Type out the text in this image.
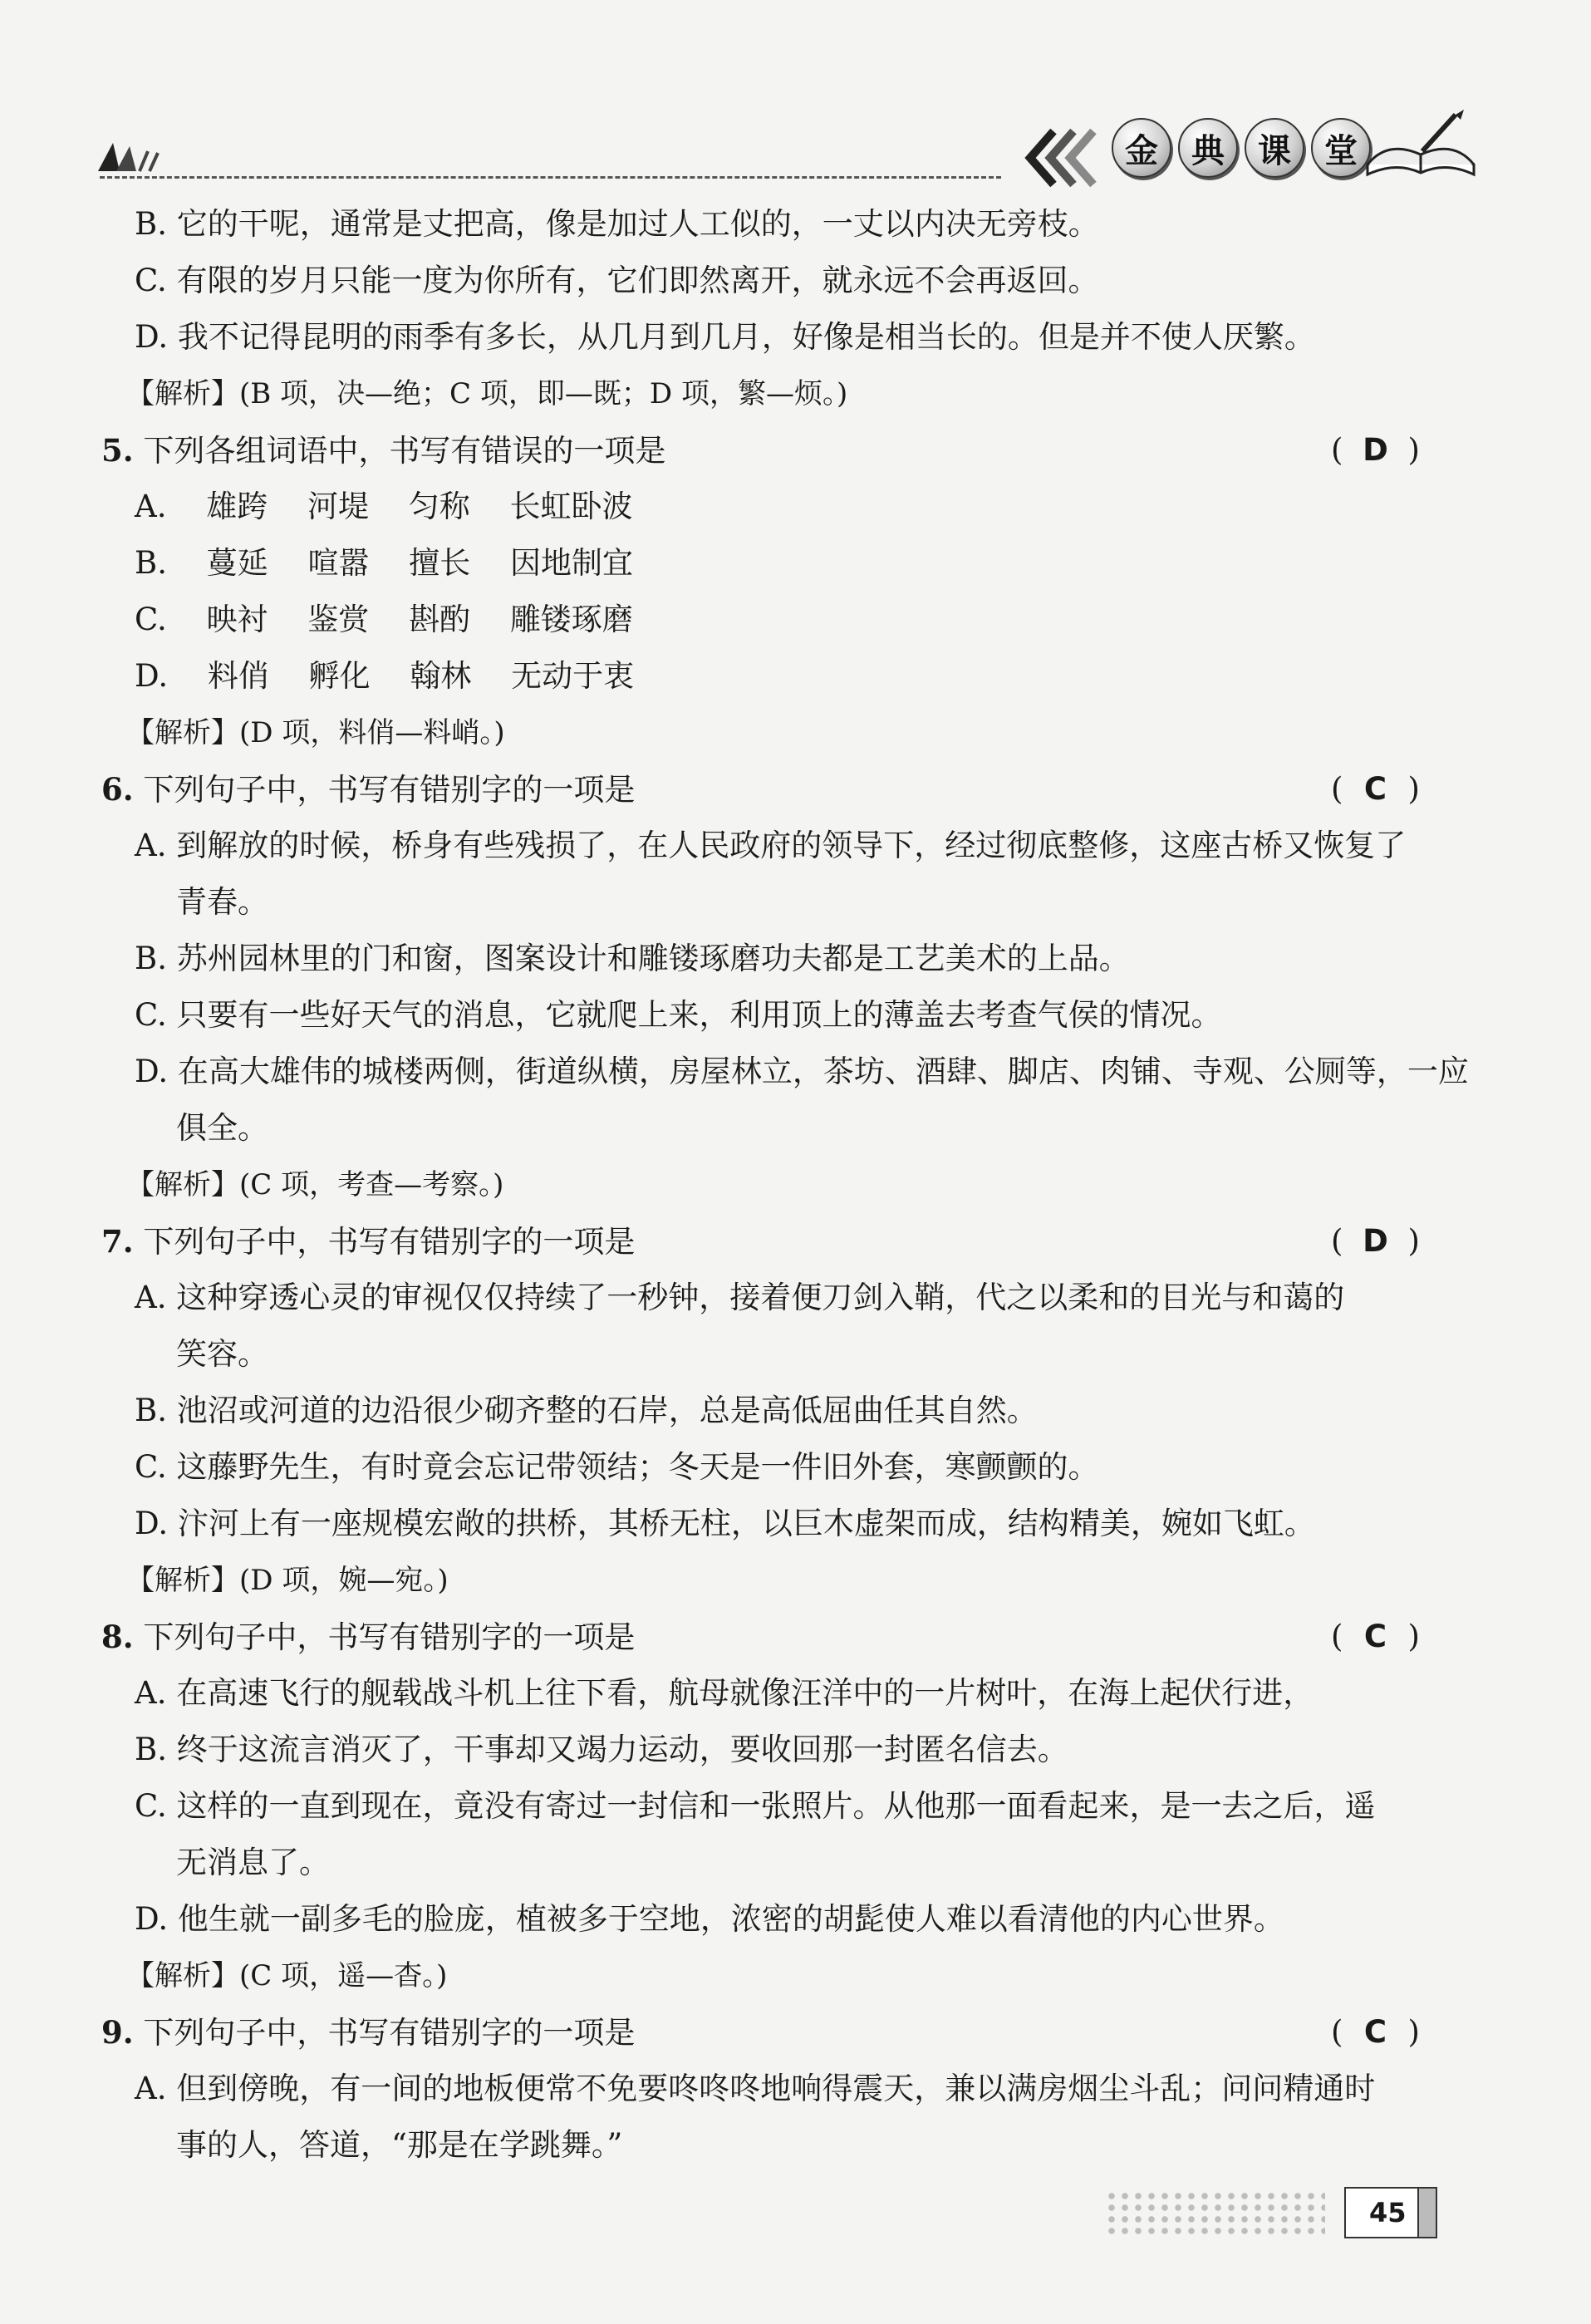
金	典	课	堂
B. 它的干呢，通常是丈把高，像是加过人工似的，一丈以内决无旁枝。
C. 有限的岁月只能一度为你所有，它们即然离开，就永远不会再返回。
D. 我不记得昆明的雨季有多长，从几月到几月，好像是相当长的。但是并不使人厌繁。
【解析】(B 项，决—绝；C 项，即—既；D 项，繁—烦。)
5. 下列各组词语中，书写有错误的一项是	( D )
A. 雄跨 河堤 匀称 长虹卧波
B. 蔓延 喧嚣 擅长 因地制宜
C. 映衬 鉴赏 斟酌 雕镂琢磨
D. 料俏 孵化 翰林 无动于衷
【解析】(D 项，料俏—料峭。)
6. 下列句子中，书写有错别字的一项是	( C )
A. 到解放的时候，桥身有些残损了，在人民政府的领导下，经过彻底整修，这座古桥又恢复了
青春。
B. 苏州园林里的门和窗，图案设计和雕镂琢磨功夫都是工艺美术的上品。
C. 只要有一些好天气的消息，它就爬上来，利用顶上的薄盖去考查气侯的情况。
D. 在高大雄伟的城楼两侧，街道纵横，房屋林立，茶坊、酒肆、脚店、肉铺、寺观、公厕等，一应
俱全。
【解析】(C 项，考查—考察。)
7. 下列句子中，书写有错别字的一项是	( D )
A. 这种穿透心灵的审视仅仅持续了一秒钟，接着便刀剑入鞘，代之以柔和的目光与和蔼的
笑容。
B. 池沼或河道的边沿很少砌齐整的石岸，总是高低屈曲任其自然。
C. 这藤野先生，有时竟会忘记带领结；冬天是一件旧外套，寒颤颤的。
D. 汴河上有一座规模宏敞的拱桥，其桥无柱，以巨木虚架而成，结构精美，婉如飞虹。
【解析】(D 项，婉—宛。)
8. 下列句子中，书写有错别字的一项是	( C )
A. 在高速飞行的舰载战斗机上往下看，航母就像汪洋中的一片树叶，在海上起伏行进，
B. 终于这流言消灭了，干事却又竭力运动，要收回那一封匿名信去。
C. 这样的一直到现在，竟没有寄过一封信和一张照片。从他那一面看起来，是一去之后，遥
无消息了。
D. 他生就一副多毛的脸庞，植被多于空地，浓密的胡髭使人难以看清他的内心世界。
【解析】(C 项，遥—杳。)
9. 下列句子中，书写有错别字的一项是	( C )
A. 但到傍晚，有一间的地板便常不免要咚咚咚地响得震天，兼以满房烟尘斗乱；问问精通时
事的人，答道，“那是在学跳舞。”
45
